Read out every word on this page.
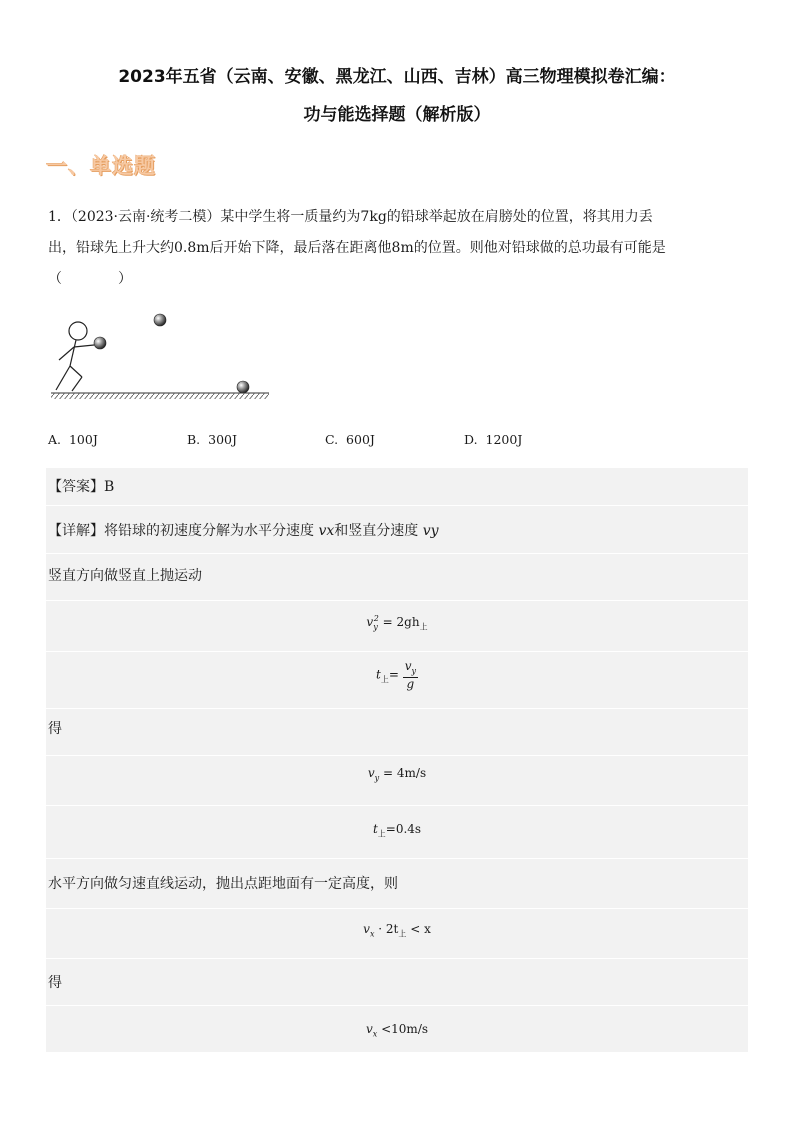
2023年五省（云南、安徽、黑龙江、山西、吉林）高三物理模拟卷汇编：
功与能选择题（解析版）
一、单选题
1．（2023·云南·统考二模）某中学生将一质量约为7kg的铅球举起放在肩膀处的位置，将其用力丢
出，铅球先上升大约0.8m后开始下降，最后落在距离他8m的位置。则他对铅球做的总功最有可能是
（　　　　）
A. 100J	B. 300J	C. 600J	D. 1200J
【答案】B
【详解】将铅球的初速度分解为水平分速度 vx和竖直分速度 vy
竖直方向做竖直上抛运动
$v_y^2 = 2gh_上$
$t_上= \frac{v_y}{g}$
得
$v_y = 4m/s$
$t_上=0.4s$
水平方向做匀速直线运动，抛出点距地面有一定高度，则
$v_x \cdot 2t_上 < x$
得
$v_x <10m/s$
